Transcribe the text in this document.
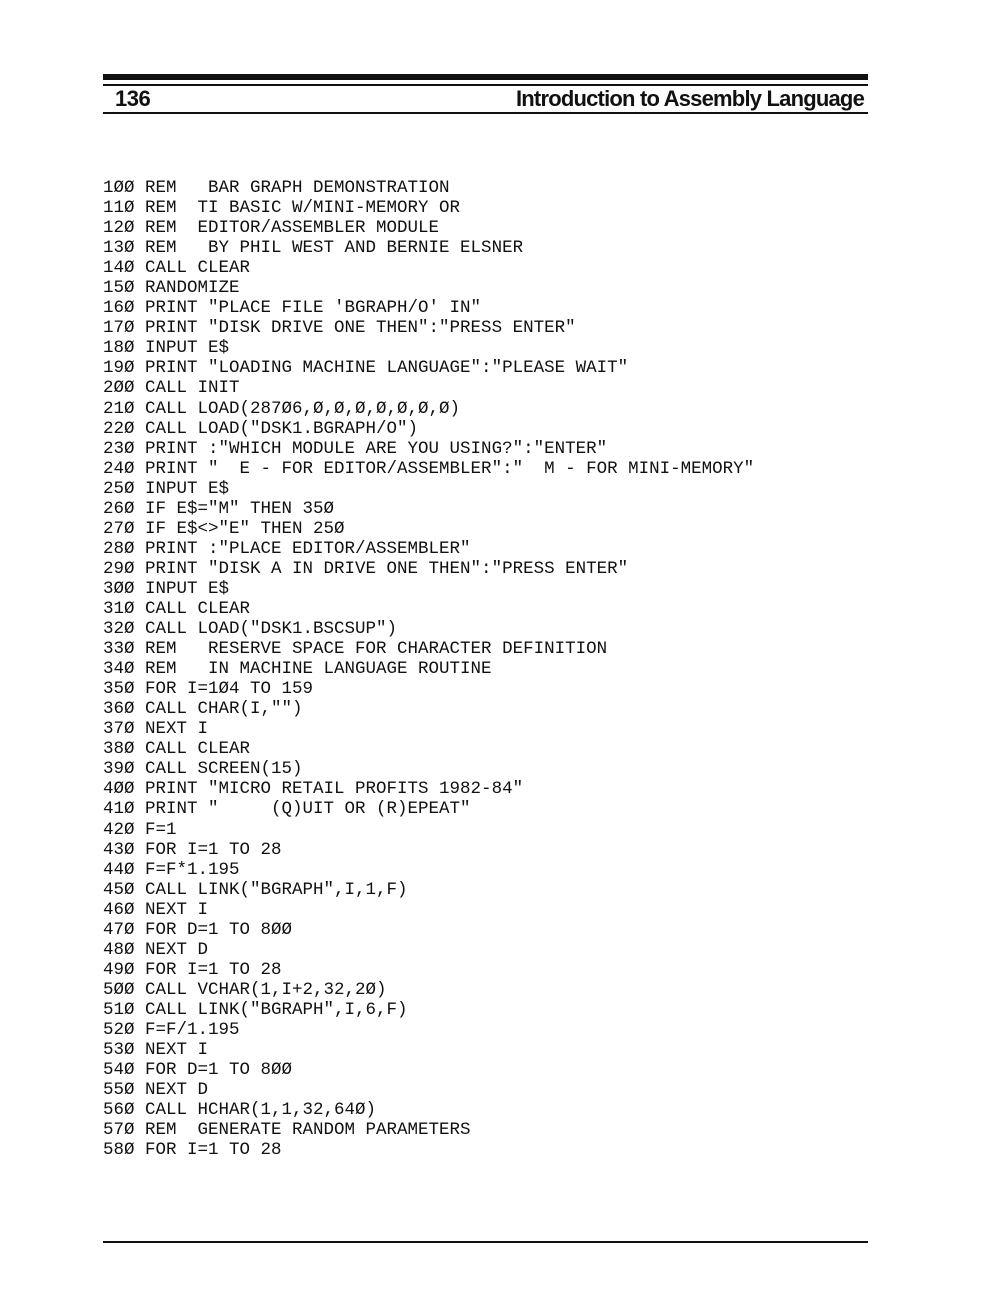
136	Introduction to Assembly Language
1ØØ REM   BAR GRAPH DEMONSTRATION
11Ø REM  TI BASIC W/MINI-MEMORY OR
12Ø REM  EDITOR/ASSEMBLER MODULE
13Ø REM   BY PHIL WEST AND BERNIE ELSNER
14Ø CALL CLEAR
15Ø RANDOMIZE
16Ø PRINT "PLACE FILE 'BGRAPH/O' IN"
17Ø PRINT "DISK DRIVE ONE THEN":"PRESS ENTER"
18Ø INPUT E$
19Ø PRINT "LOADING MACHINE LANGUAGE":"PLEASE WAIT"
2ØØ CALL INIT
21Ø CALL LOAD(287Ø6,Ø,Ø,Ø,Ø,Ø,Ø,Ø)
22Ø CALL LOAD("DSK1.BGRAPH/O")
23Ø PRINT :"WHICH MODULE ARE YOU USING?":"ENTER"
24Ø PRINT "  E - FOR EDITOR/ASSEMBLER":"  M - FOR MINI-MEMORY"
25Ø INPUT E$
26Ø IF E$="M" THEN 35Ø
27Ø IF E$<>"E" THEN 25Ø
28Ø PRINT :"PLACE EDITOR/ASSEMBLER"
29Ø PRINT "DISK A IN DRIVE ONE THEN":"PRESS ENTER"
3ØØ INPUT E$
31Ø CALL CLEAR
32Ø CALL LOAD("DSK1.BSCSUP")
33Ø REM   RESERVE SPACE FOR CHARACTER DEFINITION
34Ø REM   IN MACHINE LANGUAGE ROUTINE
35Ø FOR I=1Ø4 TO 159
36Ø CALL CHAR(I,"")
37Ø NEXT I
38Ø CALL CLEAR
39Ø CALL SCREEN(15)
4ØØ PRINT "MICRO RETAIL PROFITS 1982-84"
41Ø PRINT "     (Q)UIT OR (R)EPEAT"
42Ø F=1
43Ø FOR I=1 TO 28
44Ø F=F*1.195
45Ø CALL LINK("BGRAPH",I,1,F)
46Ø NEXT I
47Ø FOR D=1 TO 8ØØ
48Ø NEXT D
49Ø FOR I=1 TO 28
5ØØ CALL VCHAR(1,I+2,32,2Ø)
51Ø CALL LINK("BGRAPH",I,6,F)
52Ø F=F/1.195
53Ø NEXT I
54Ø FOR D=1 TO 8ØØ
55Ø NEXT D
56Ø CALL HCHAR(1,1,32,64Ø)
57Ø REM  GENERATE RANDOM PARAMETERS
58Ø FOR I=1 TO 28
